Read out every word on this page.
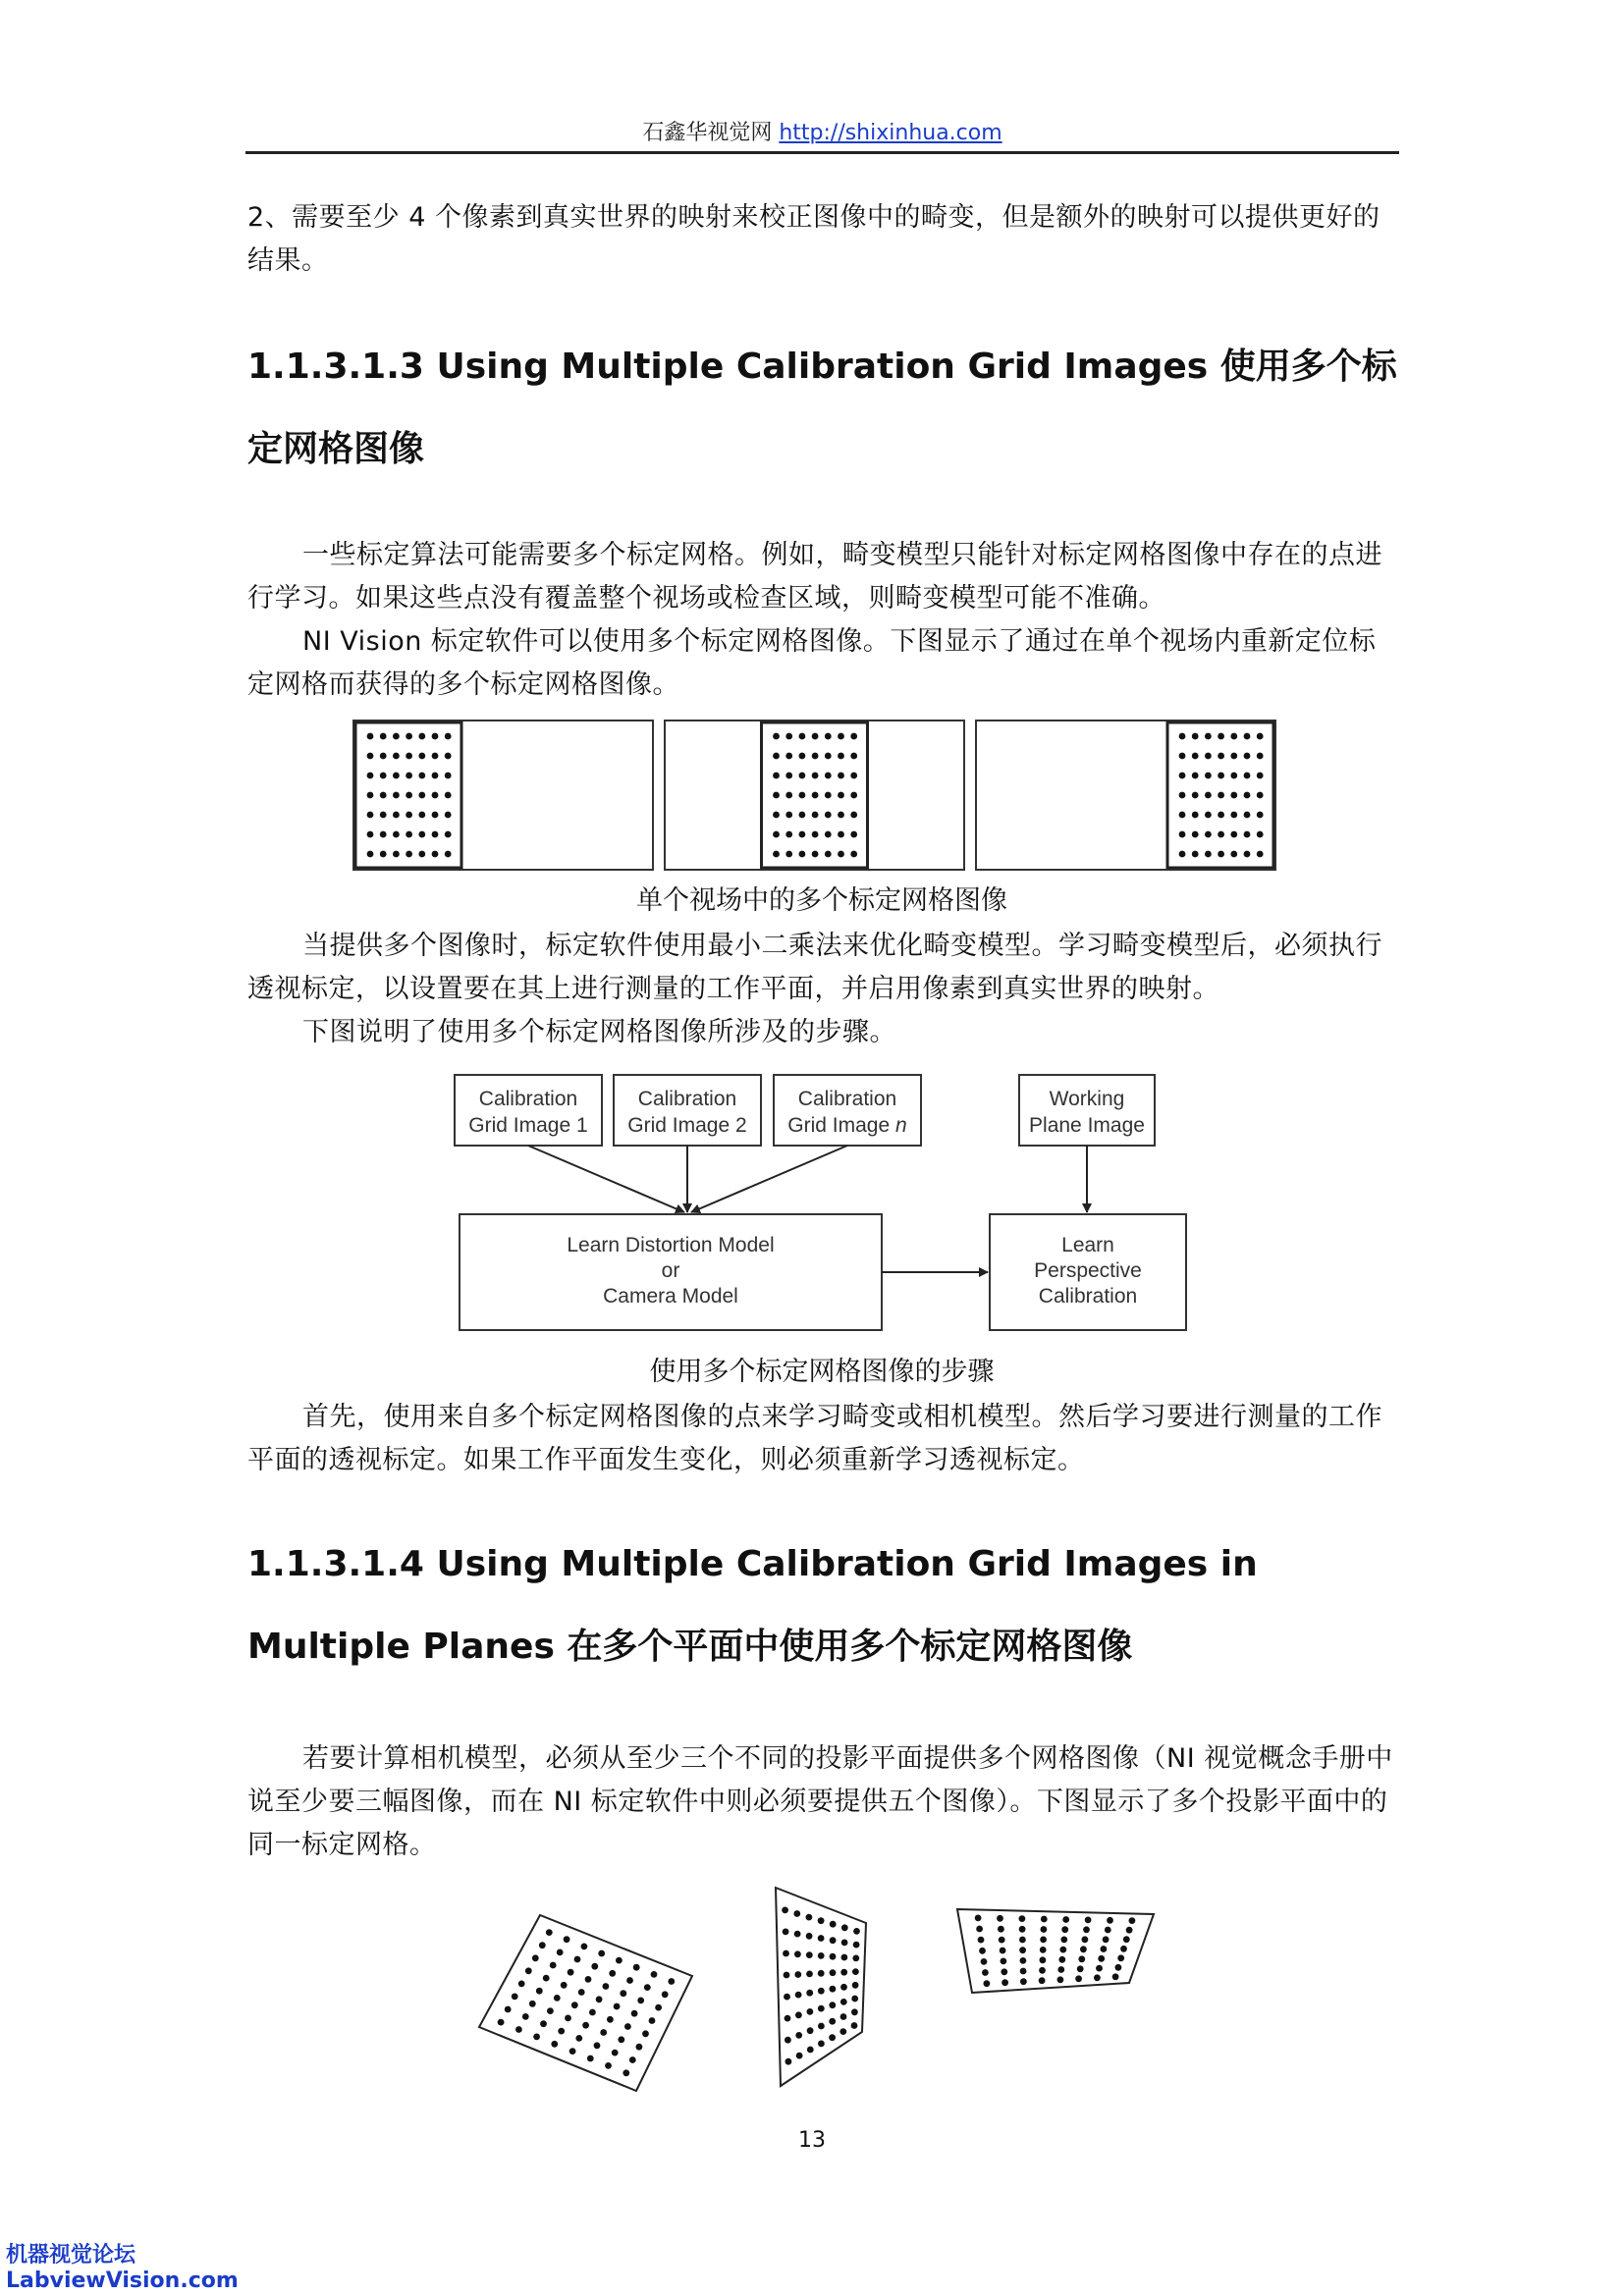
石鑫华视觉网 http://shixinhua.com
2、需要至少 4 个像素到真实世界的映射来校正图像中的畸变，但是额外的映射可以提供更好的结果。
1.1.3.1.3 Using Multiple Calibration Grid Images 使用多个标定网格图像
一些标定算法可能需要多个标定网格。例如，畸变模型只能针对标定网格图像中存在的点进行学习。如果这些点没有覆盖整个视场或检查区域，则畸变模型可能不准确。
NI Vision 标定软件可以使用多个标定网格图像。下图显示了通过在单个视场内重新定位标定网格而获得的多个标定网格图像。
单个视场中的多个标定网格图像
当提供多个图像时，标定软件使用最小二乘法来优化畸变模型。学习畸变模型后，必须执行透视标定，以设置要在其上进行测量的工作平面，并启用像素到真实世界的映射。
下图说明了使用多个标定网格图像所涉及的步骤。
Calibration
Grid Image 1
Calibration
Grid Image 2
Calibration
Grid Image n
Working
Plane Image
Learn Distortion Model
or
Camera Model
Learn
Perspective
Calibration
使用多个标定网格图像的步骤
首先，使用来自多个标定网格图像的点来学习畸变或相机模型。然后学习要进行测量的工作平面的透视标定。如果工作平面发生变化，则必须重新学习透视标定。
1.1.3.1.4 Using Multiple Calibration Grid Images in Multiple Planes 在多个平面中使用多个标定网格图像
若要计算相机模型，必须从至少三个不同的投影平面提供多个网格图像（NI 视觉概念手册中说至少要三幅图像，而在 NI 标定软件中则必须要提供五个图像）。下图显示了多个投影平面中的同一标定网格。
13
机器视觉论坛
LabviewVision.com
